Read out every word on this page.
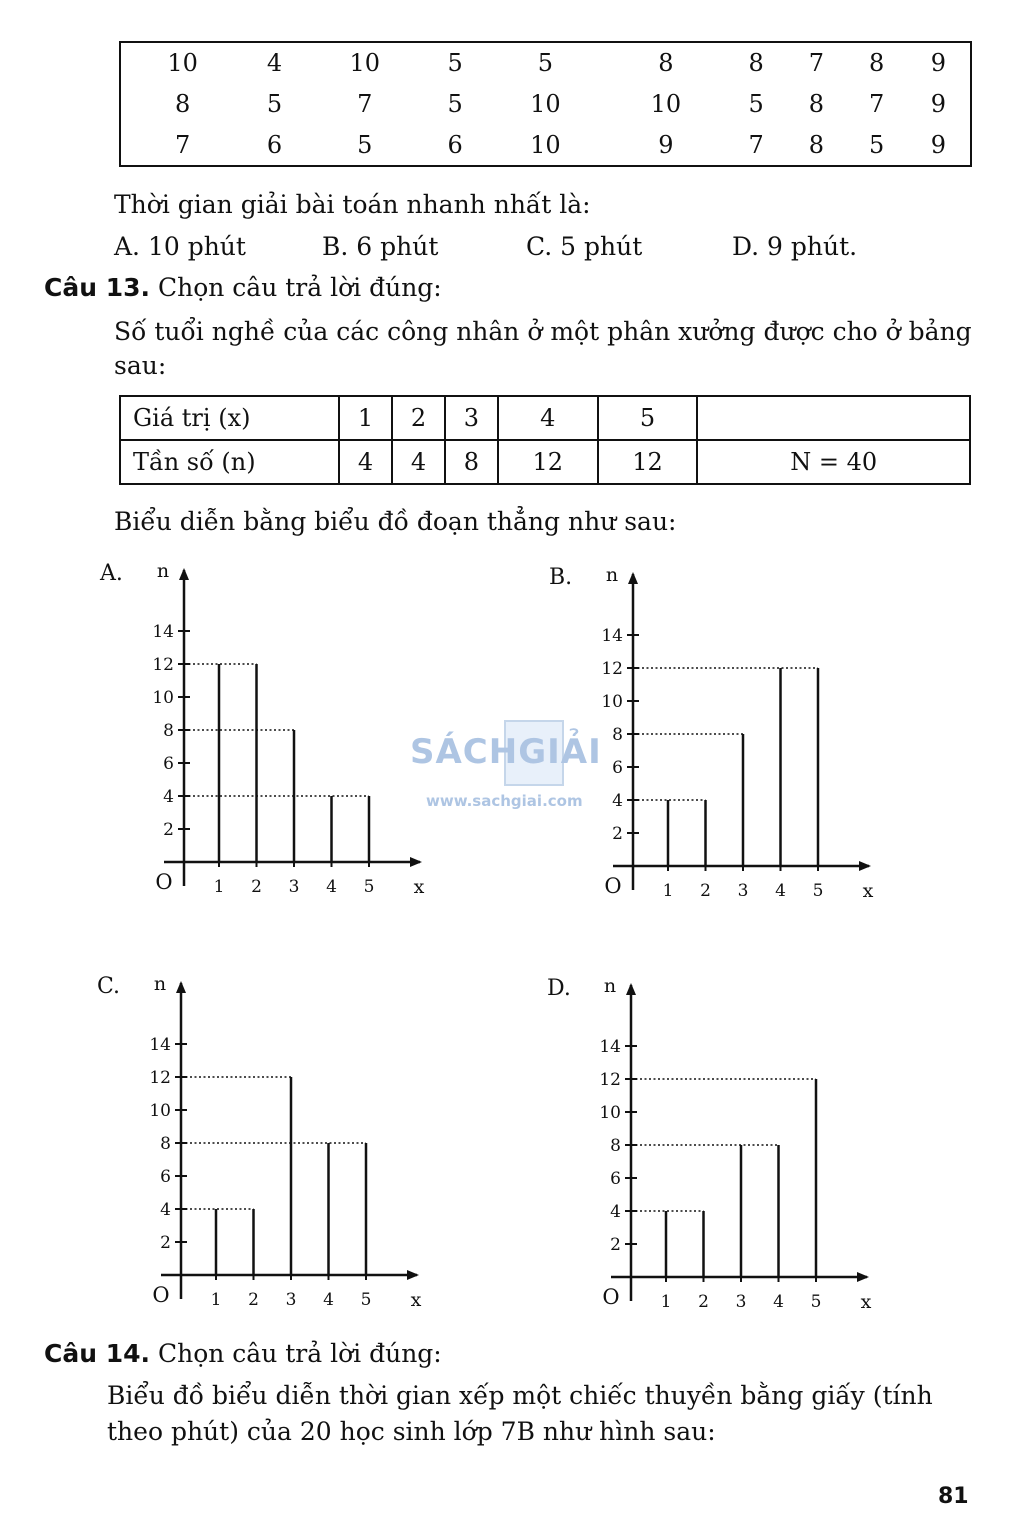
10	4	10	5	5	8	8	7	8	9
8	5	7	5	10	10	5	8	7	9
7	6	5	6	10	9	7	8	5	9
Thời gian giải bài toán nhanh nhất là:
A. 10 phút	B. 6 phút	C. 5 phút	D. 9 phút.
Câu 13. Chọn câu trả lời đúng:
Số tuổi nghề của các công nhân ở một phân xưởng được cho ở bảng
sau:
Giá trị (x)	1	2	3	4	5	
Tần số (n)	4	4	8	12	12	N = 40
Biểu diễn bằng biểu đồ đoạn thẳng như sau:
A. n
x
O
2
4
6
8
10
12
14
1 2 3 4 5
B. n
x
O
2
4
6
8
10
12
14
1 2 3 4 5
C. n
x
O
2
4
6
8
10
12
14
1 2 3 4 5
D. n
x
O
2
4
6
8
10
12
14
1 2 3 4 5
SÁCHGIẢI
www.sachgiai.com
Câu 14. Chọn câu trả lời đúng:
Biểu đồ biểu diễn thời gian xếp một chiếc thuyền bằng giấy (tính
theo phút) của 20 học sinh lớp 7B như hình sau:
81
